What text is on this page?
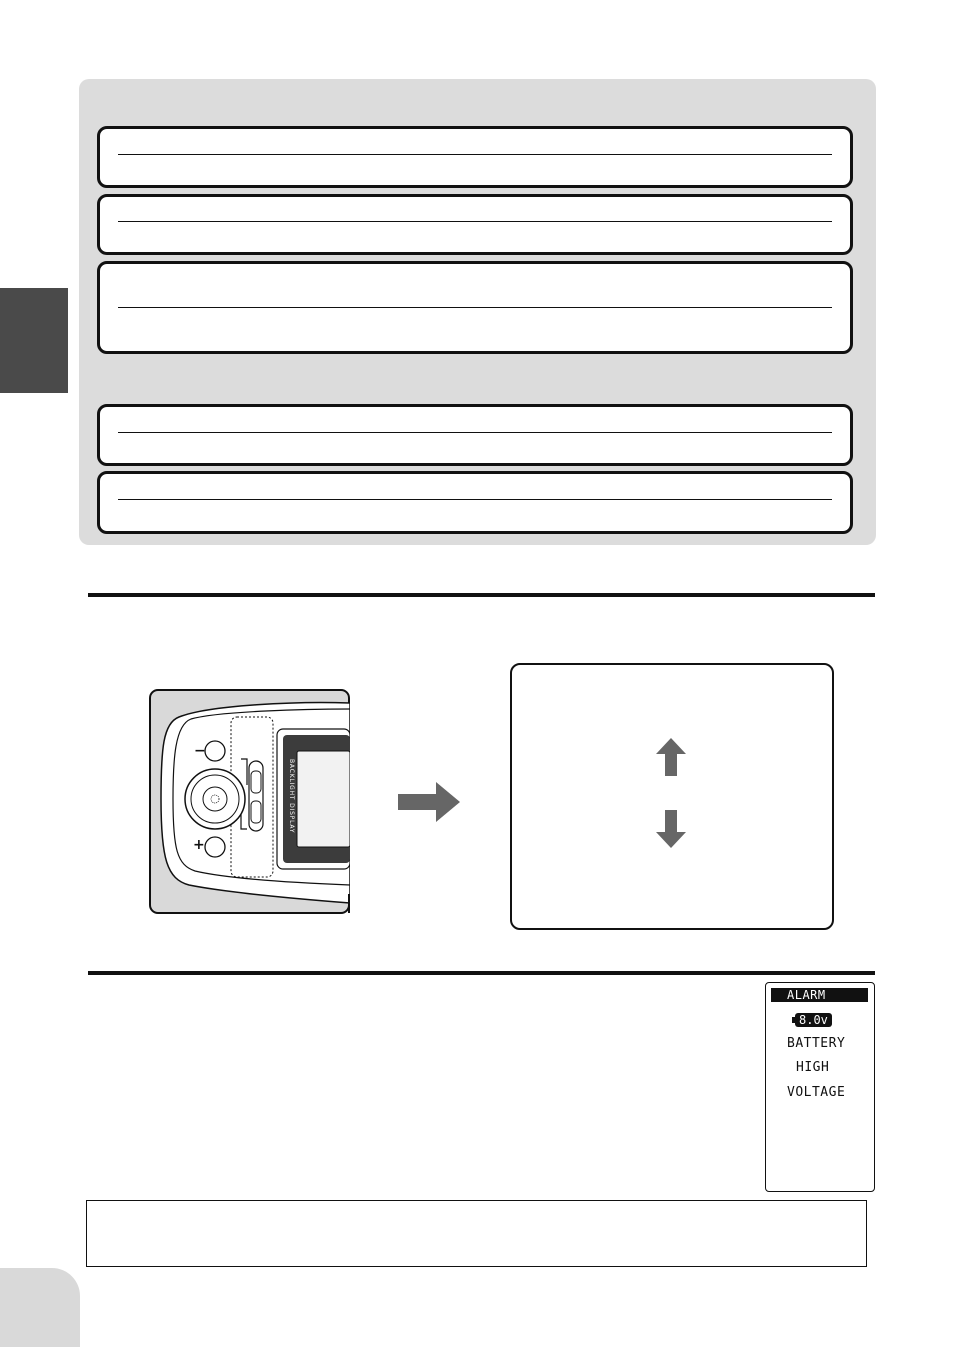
BACKLIGHT DISPLAY
−
+
ALARM
8.0v
BATTERY
HIGH
VOLTAGE
